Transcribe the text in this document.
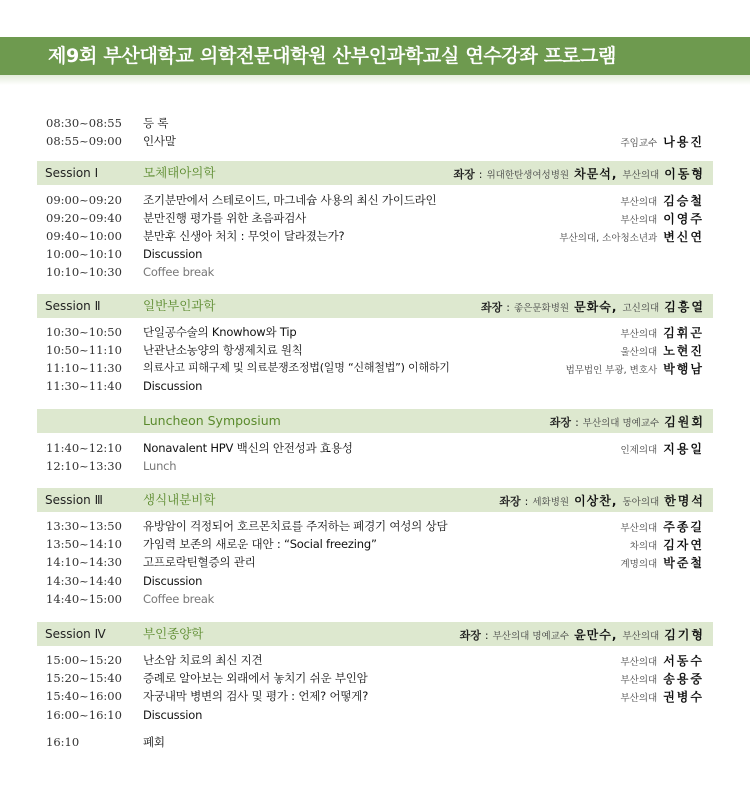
제9회 부산대학교 의학전문대학원 산부인과학교실 연수강좌 프로그램
08:30~08:55 등 록
08:55~09:00 인사말	주임교수 나용진
Session Ⅰ	모체태아의학	좌장 : 위대한탄생여성병원 차문석, 부산의대 이동형
09:00~09:20 조기분만에서 스테로이드, 마그네슘 사용의 최신 가이드라인	부산의대 김승철
09:20~09:40 분만진행 평가를 위한 초음파검사	부산의대 이영주
09:40~10:00 분만후 신생아 처치 : 무엇이 달라졌는가?	부산의대, 소아청소년과 변신연
10:00~10:10 Discussion
10:10~10:30 Coffee break
Session Ⅱ	일반부인과학	좌장 : 좋은문화병원 문화숙, 고신의대 김흥열
10:30~10:50 단일공수술의 Knowhow와 Tip	부산의대 김휘곤
10:50~11:10 난관난소농양의 항생제치료 원칙	울산의대 노현진
11:10~11:30 의료사고 피해구제 및 의료분쟁조정법(일명 “신해철법”) 이해하기	법무법인 부광, 변호사 박행남
11:30~11:40 Discussion
Luncheon Symposium	좌장 : 부산의대 명예교수 김원회
11:40~12:10 Nonavalent HPV 백신의 안전성과 효용성	인제의대 지용일
12:10~13:30 Lunch
Session Ⅲ	생식내분비학	좌장 : 세화병원 이상찬, 동아의대 한명석
13:30~13:50 유방암이 걱정되어 호르몬치료를 주저하는 폐경기 여성의 상담	부산의대 주종길
13:50~14:10 가임력 보존의 새로운 대안 : “Social freezing”	차의대 김자연
14:10~14:30 고프로락틴혈증의 관리	계명의대 박준철
14:30~14:40 Discussion
14:40~15:00 Coffee break
Session Ⅳ	부인종양학	좌장 : 부산의대 명예교수 윤만수, 부산의대 김기형
15:00~15:20 난소암 치료의 최신 지견	부산의대 서동수
15:20~15:40 증례로 알아보는 외래에서 놓치기 쉬운 부인암	부산의대 송용중
15:40~16:00 자궁내막 병변의 검사 및 평가 : 언제? 어떻게?	부산의대 권병수
16:00~16:10 Discussion
16:10	폐회
